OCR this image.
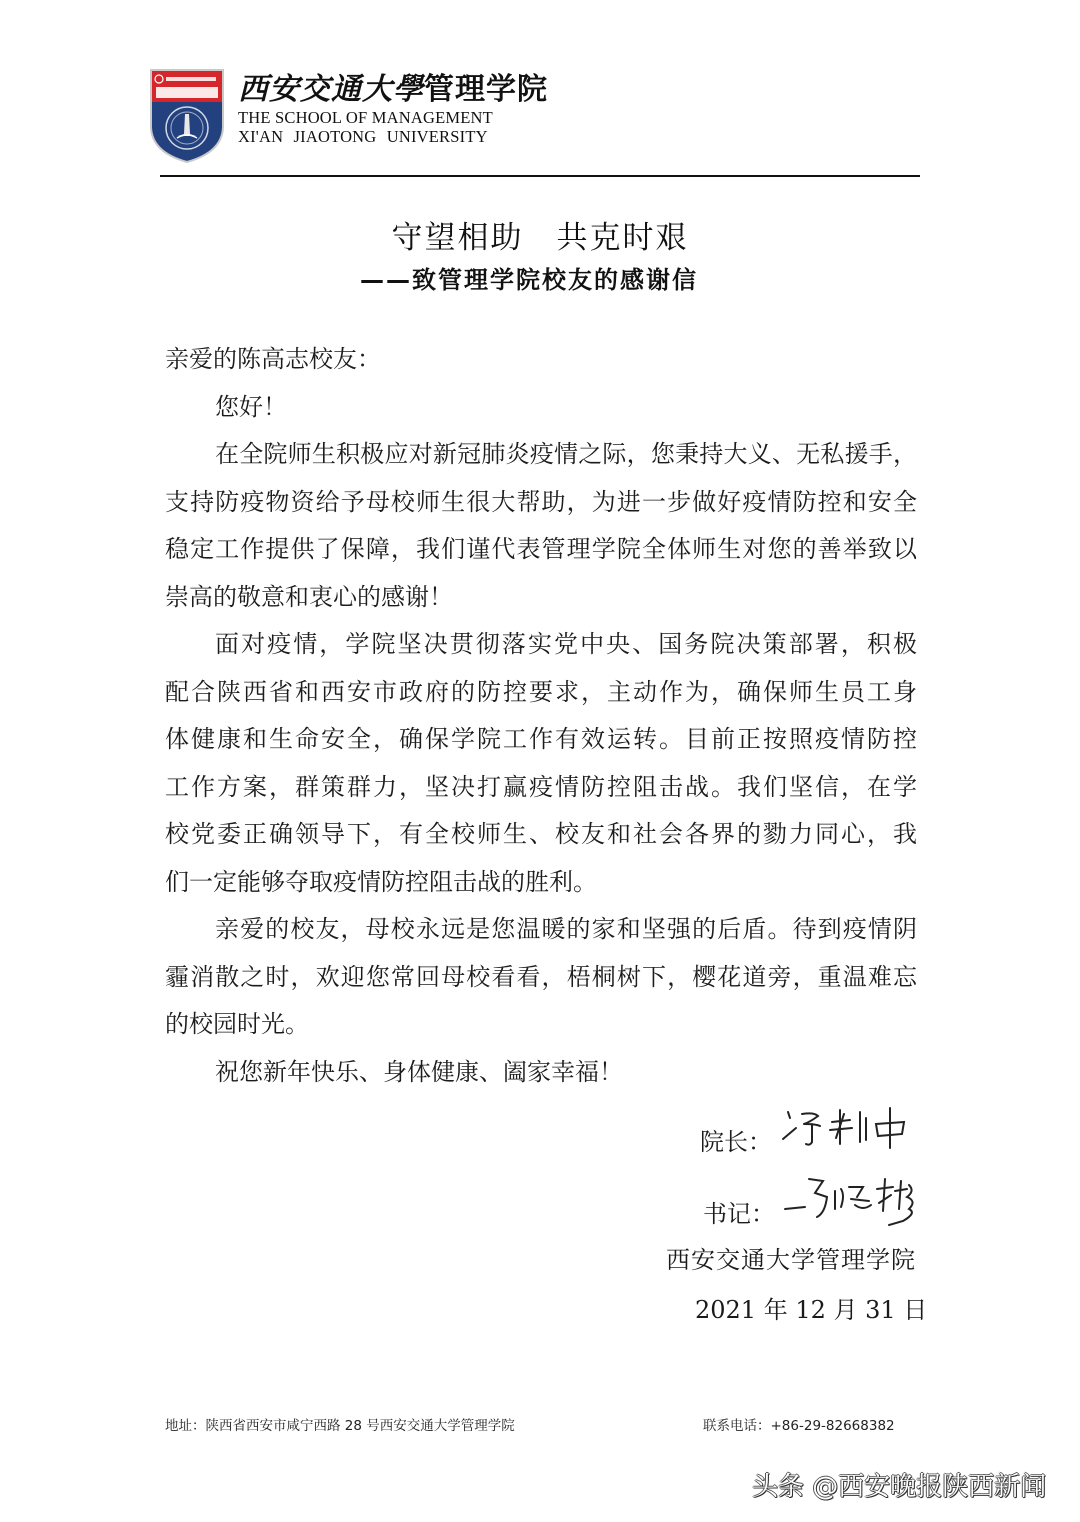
西安交通大學管理学院
THE SCHOOL OF MANAGEMENT
XI'AN JIAOTONG UNIVERSITY
守望相助　共克时艰
——致管理学院校友的感谢信
亲爱的陈高志校友：
您好！
在全院师生积极应对新冠肺炎疫情之际，您秉持大义、无私援手，
支持防疫物资给予母校师生很大帮助，为进一步做好疫情防控和安全
稳定工作提供了保障，我们谨代表管理学院全体师生对您的善举致以
崇高的敬意和衷心的感谢！
面对疫情，学院坚决贯彻落实党中央、国务院决策部署，积极
配合陕西省和西安市政府的防控要求，主动作为，确保师生员工身
体健康和生命安全，确保学院工作有效运转。目前正按照疫情防控
工作方案，群策群力，坚决打赢疫情防控阻击战。我们坚信，在学
校党委正确领导下，有全校师生、校友和社会各界的勠力同心，我
们一定能够夺取疫情防控阻击战的胜利。
亲爱的校友，母校永远是您温暖的家和坚强的后盾。待到疫情阴
霾消散之时，欢迎您常回母校看看，梧桐树下，樱花道旁，重温难忘
的校园时光。
祝您新年快乐、身体健康、阖家幸福！
院长：
书记：
西安交通大学管理学院
2021 年 12 月 31 日
地址：陕西省西安市咸宁西路 28 号西安交通大学管理学院	联系电话：+86-29-82668382
头条 @西安晚报陕西新闻
